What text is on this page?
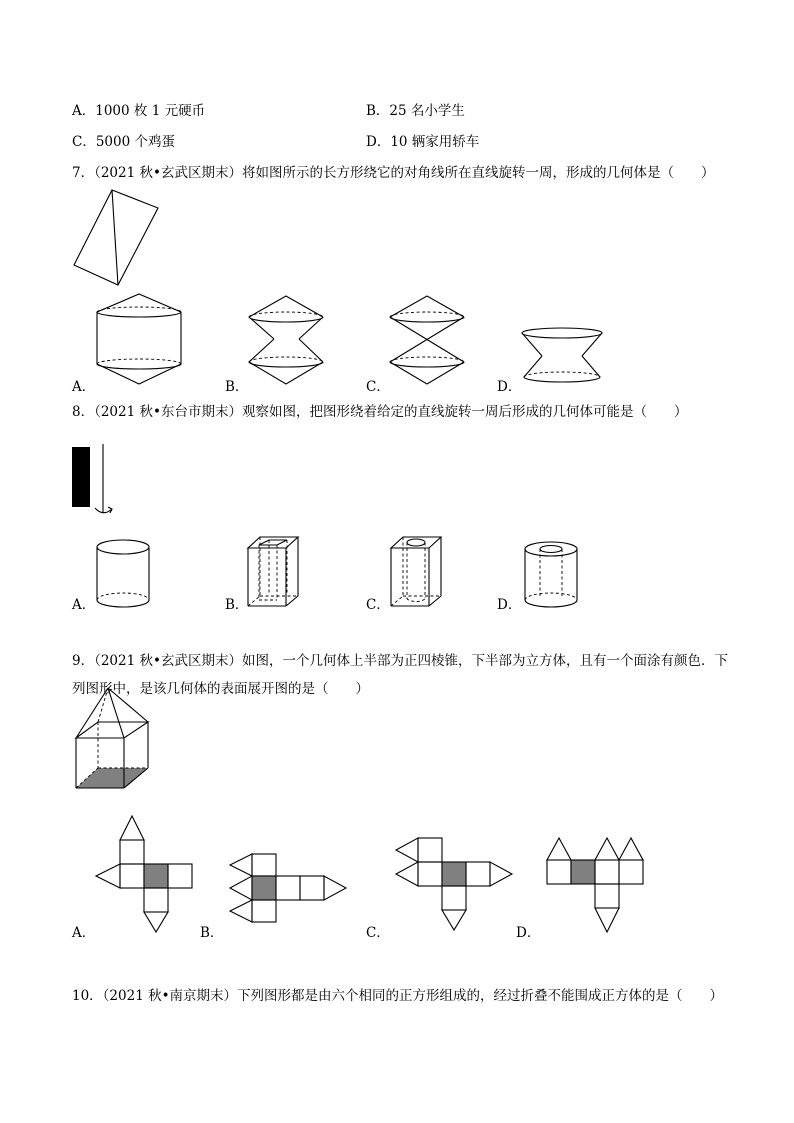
A．1000 枚 1 元硬币	B．25 名小学生
C．5000 个鸡蛋	D．10 辆家用轿车
7．（2021 秋•玄武区期末）将如图所示的长方形绕它的对角线所在直线旋转一周，形成的几何体是（　　）
A．	B．	C．	D．
8．（2021 秋•东台市期末）观察如图，把图形绕着给定的直线旋转一周后形成的几何体可能是（　　）
A．	B．	C．	D．
9．（2021 秋•玄武区期末）如图，一个几何体上半部为正四棱锥，下半部为立方体，且有一个面涂有颜色．下
列图形中，是该几何体的表面展开图的是（　　）
A．	B．	C．	D．
10．（2021 秋•南京期末）下列图形都是由六个相同的正方形组成的，经过折叠不能围成正方体的是（　　）
